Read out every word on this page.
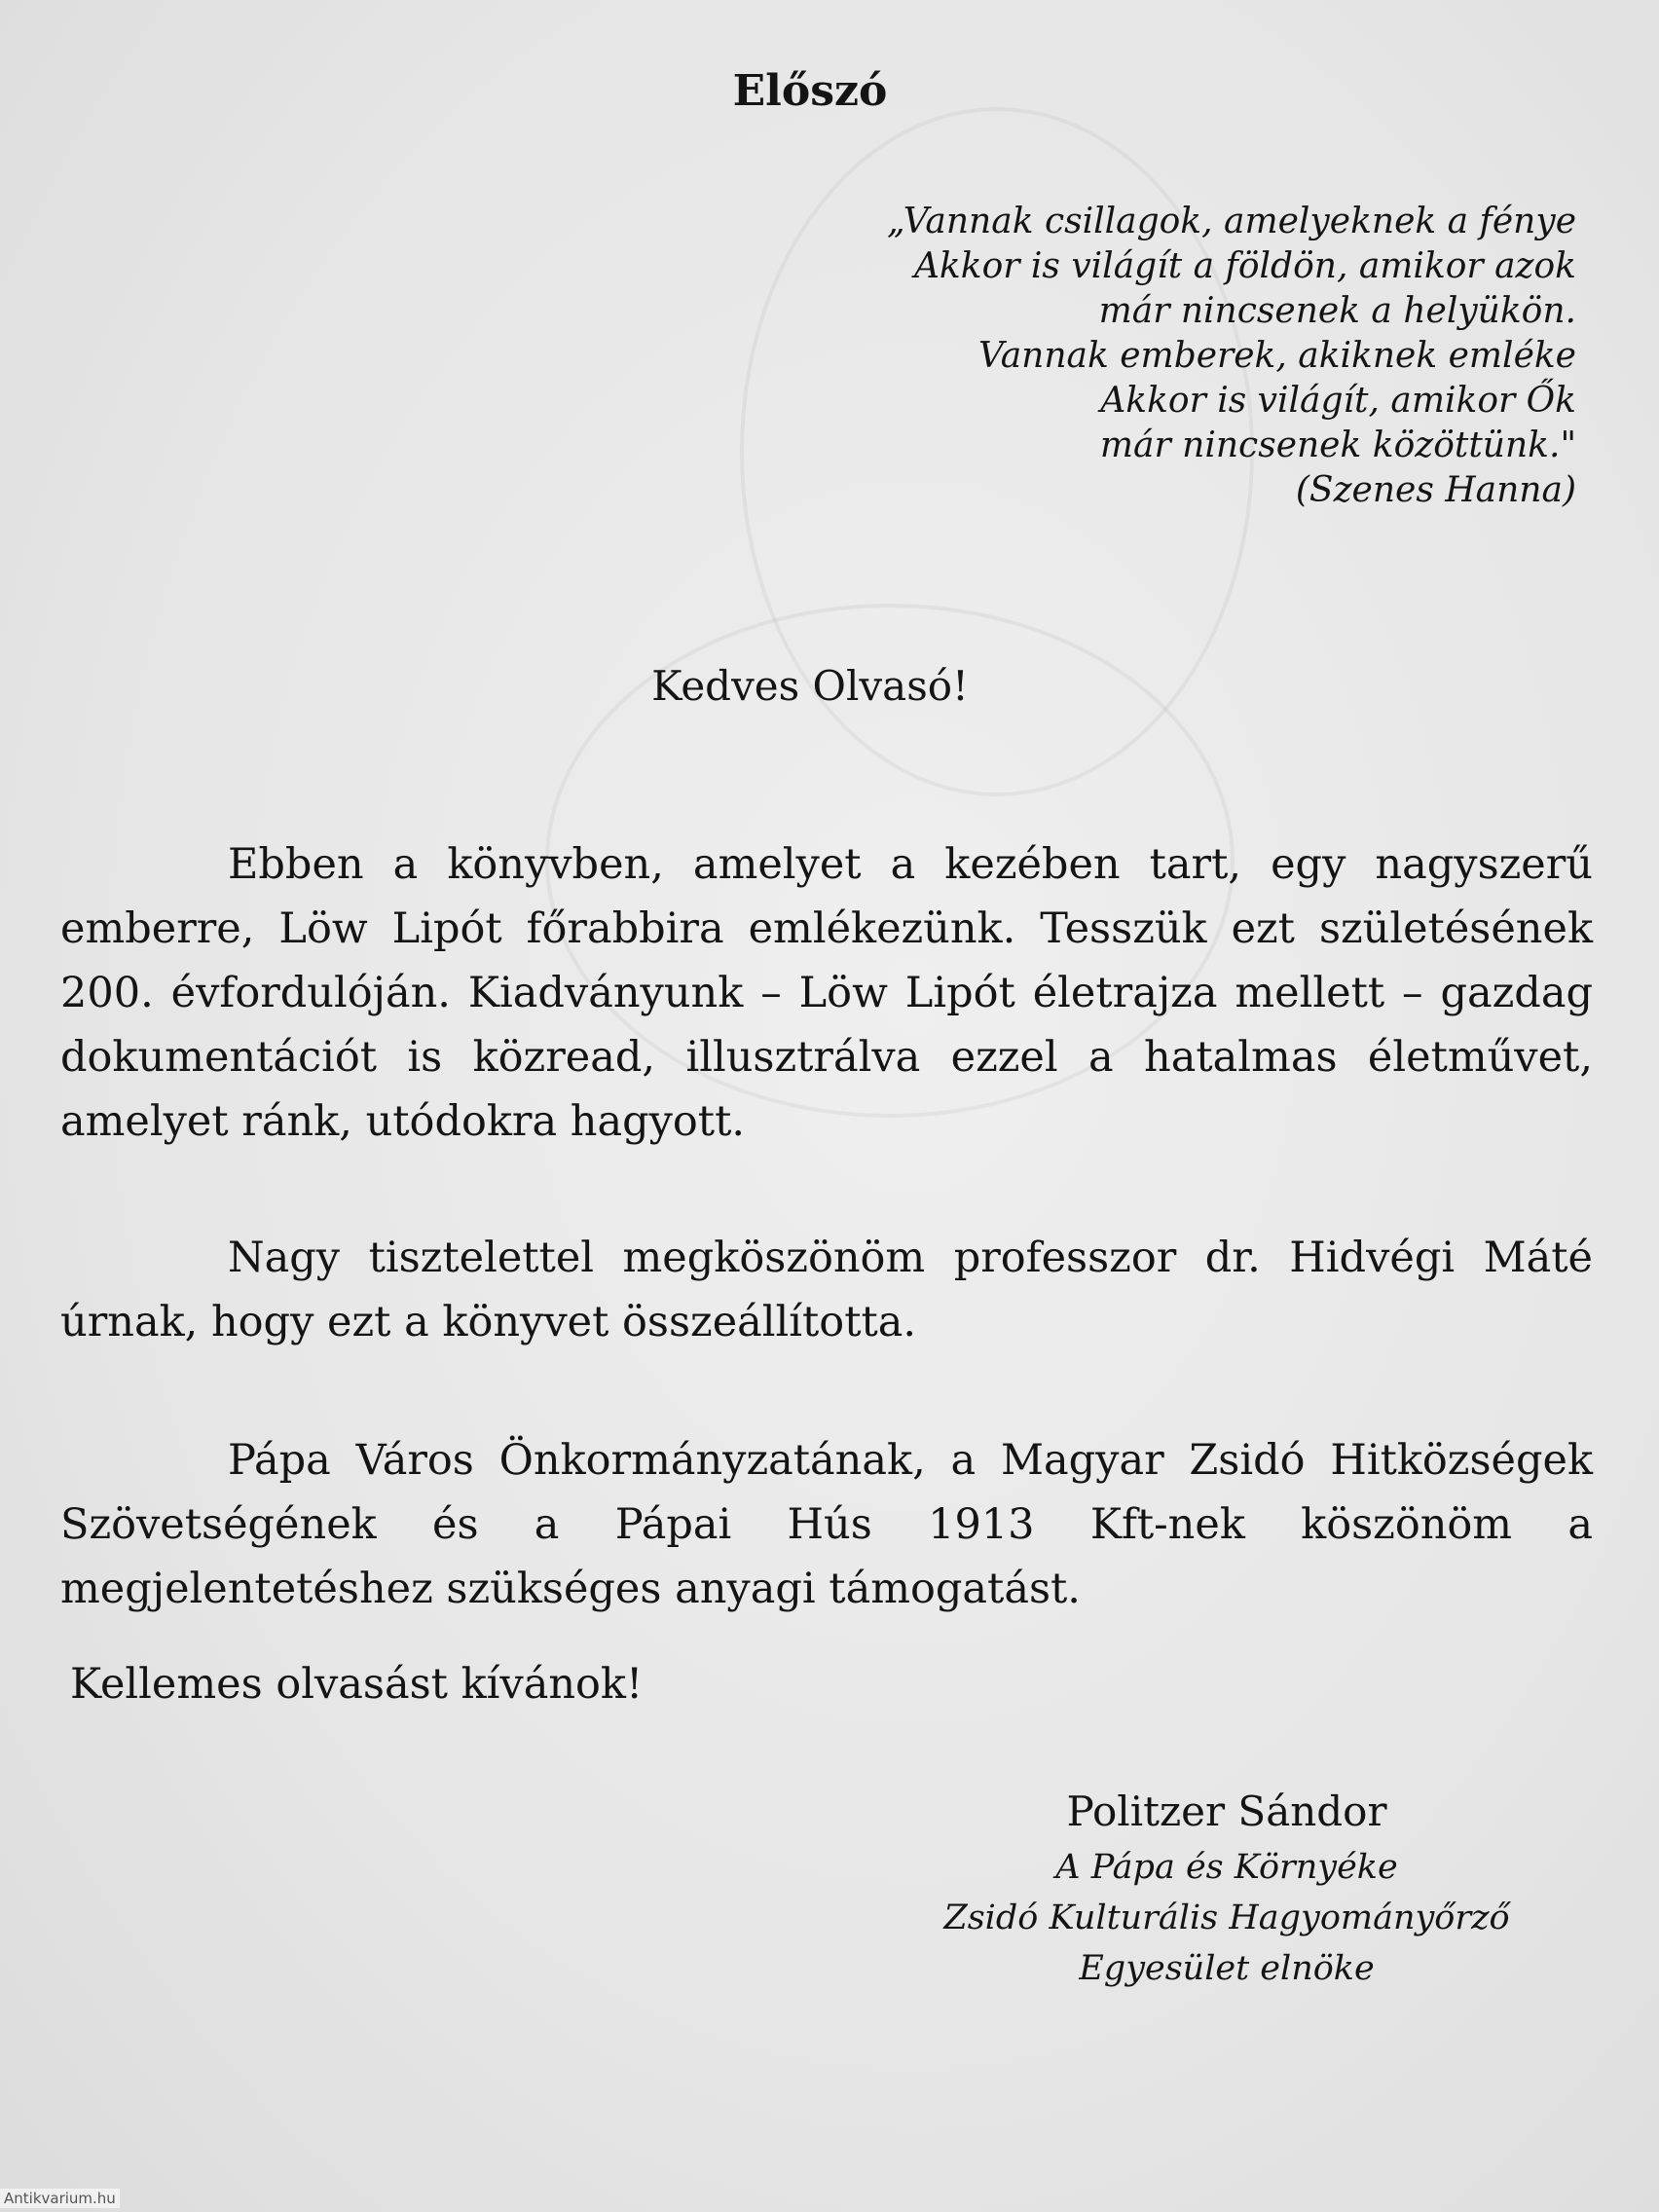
Előszó
„Vannak csillagok, amelyeknek a fénye
Akkor is világít a földön, amikor azok
már nincsenek a helyükön.
Vannak emberek, akiknek emléke
Akkor is világít, amikor Ők
már nincsenek közöttünk."
(Szenes Hanna)
Kedves Olvasó!

Ebben a könyvben, amelyet a kezében tart, egy nagyszerű emberre, Löw Lipót főrabbira emlékezünk. Tesszük ezt születésének 200. évfordulóján. Kiadványunk – Löw Lipót életrajza mellett – gazdag dokumentációt is közread, illusztrálva ezzel a hatalmas életművet, amelyet ránk, utódokra hagyott.

Nagy tisztelettel megköszönöm professzor dr. Hidvégi Máté úrnak, hogy ezt a könyvet összeállította.

Pápa Város Önkormányzatának, a Magyar Zsidó Hitközségek Szövetségének és a Pápai Hús 1913 Kft-nek köszönöm a megjelentetéshez szükséges anyagi támogatást.

Kellemes olvasást kívánok!
Politzer Sándor
A Pápa és Környéke
Zsidó Kulturális Hagyományőrző
Egyesület elnöke
Antikvarium.hu
